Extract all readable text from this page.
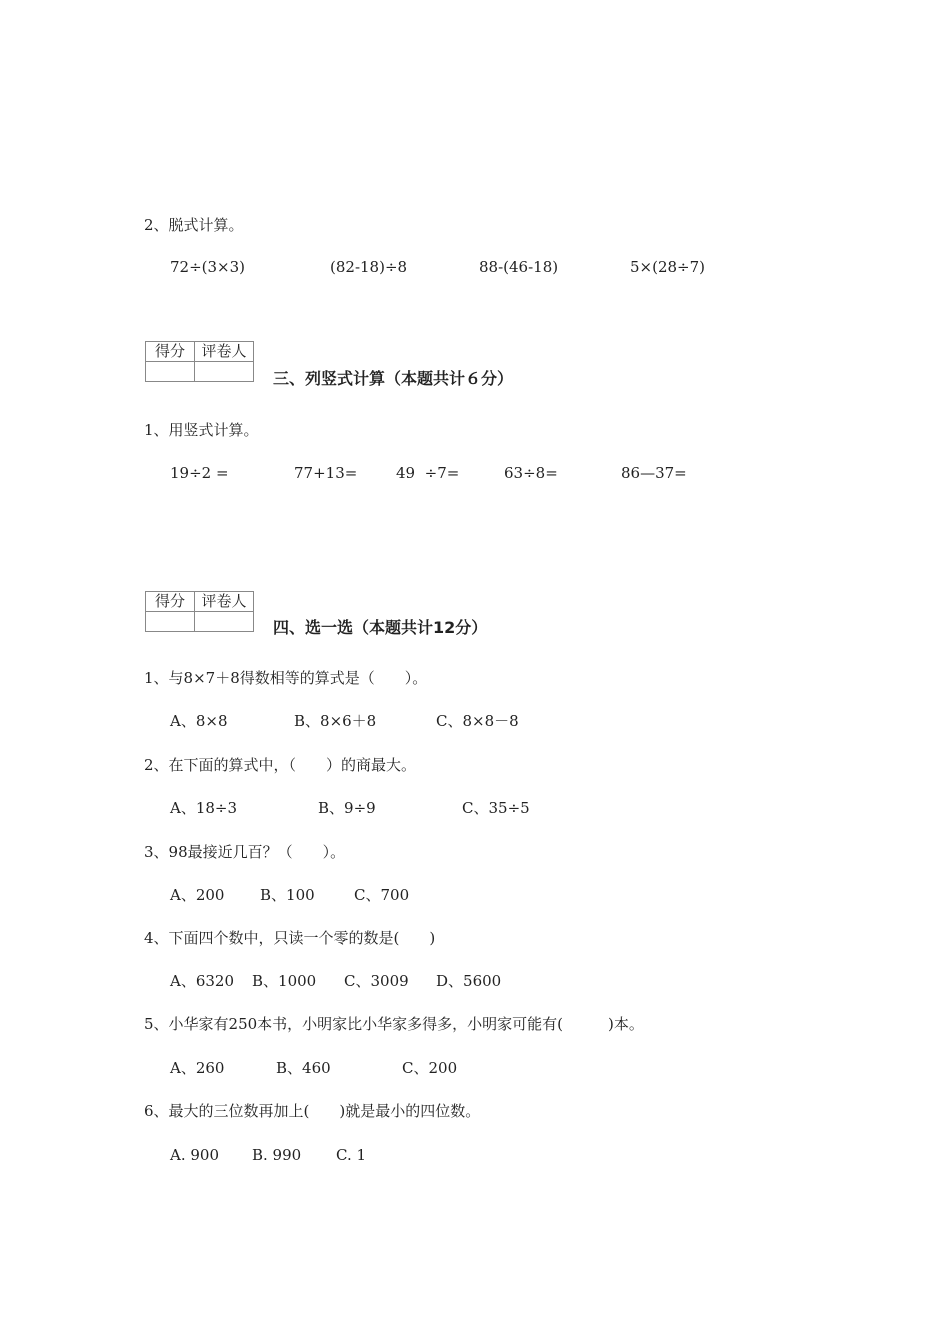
2、脱式计算。
72÷(3×3)	(82-18)÷8	88-(46-18)	5×(28÷7)
得分	评卷人

三、列竖式计算（本题共计６分）
1、用竖式计算。
19÷2 =	77+13=	49  ÷7=	63÷8=	86—37=
得分	评卷人

四、选一选（本题共计12分）
1、与8×7＋8得数相等的算式是（　　）。
A、8×8	B、8×6＋8	C、8×8－8
2、在下面的算式中，（　　）的商最大。
A、18÷3	B、9÷9	C、35÷5
3、98最接近几百？（　　）。
A、200 B、100	C、700
4、下面四个数中，只读一个零的数是(　　)
A、6320 B、1000 C、3009 D、5600
5、小华家有250本书，小明家比小华家多得多，小明家可能有(　　　)本。
A、260	B、460	C、200
6、最大的三位数再加上(　　)就是最小的四位数。
A. 900 B. 990 C. 1
